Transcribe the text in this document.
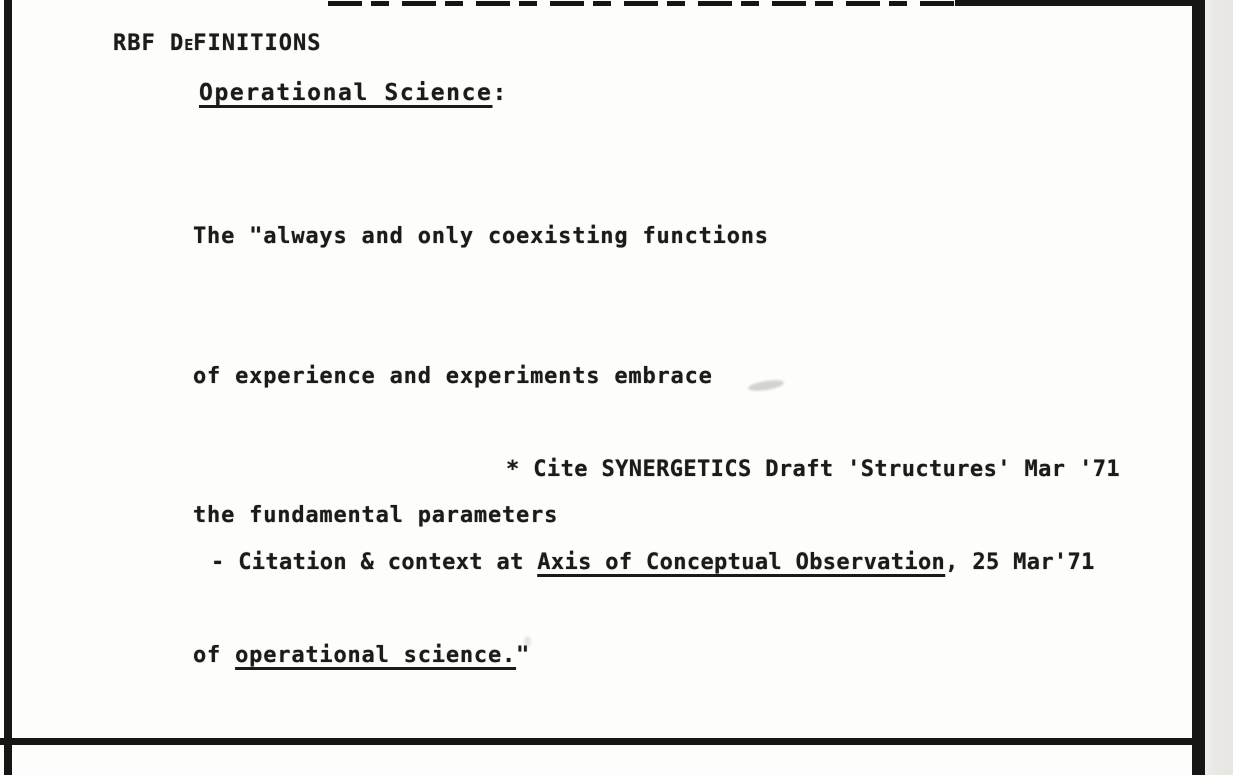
RBF DEFINITIONS
Operational Science:

The "always and only coexisting functions

of experience and experiments embrace

the fundamental parameters

of operational science."

* Cite SYNERGETICS Draft 'Structures' Mar '71
- Citation & context at Axis of Conceptual Observation, 25 Mar'71
